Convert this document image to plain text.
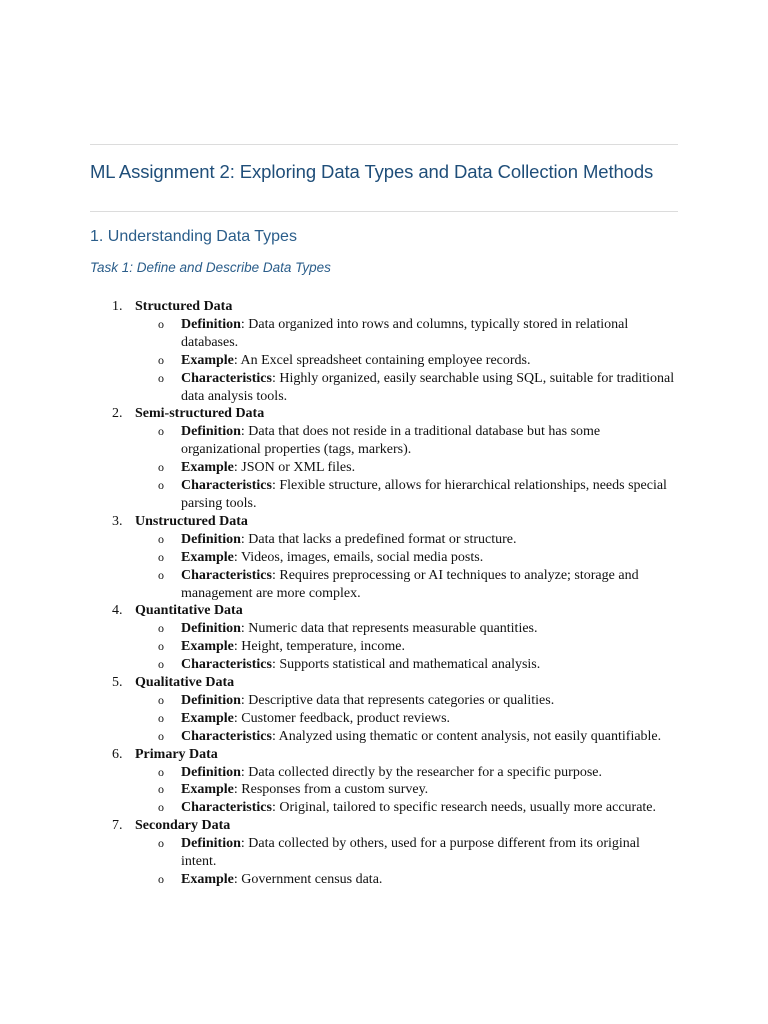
ML Assignment 2: Exploring Data Types and Data Collection Methods
1. Understanding Data Types
Task 1: Define and Describe Data Types
1. Structured Data
o Definition: Data organized into rows and columns, typically stored in relational databases.
o Example: An Excel spreadsheet containing employee records.
o Characteristics: Highly organized, easily searchable using SQL, suitable for traditional data analysis tools.
2. Semi-structured Data
o Definition: Data that does not reside in a traditional database but has some organizational properties (tags, markers).
o Example: JSON or XML files.
o Characteristics: Flexible structure, allows for hierarchical relationships, needs special parsing tools.
3. Unstructured Data
o Definition: Data that lacks a predefined format or structure.
o Example: Videos, images, emails, social media posts.
o Characteristics: Requires preprocessing or AI techniques to analyze; storage and management are more complex.
4. Quantitative Data
o Definition: Numeric data that represents measurable quantities.
o Example: Height, temperature, income.
o Characteristics: Supports statistical and mathematical analysis.
5. Qualitative Data
o Definition: Descriptive data that represents categories or qualities.
o Example: Customer feedback, product reviews.
o Characteristics: Analyzed using thematic or content analysis, not easily quantifiable.
6. Primary Data
o Definition: Data collected directly by the researcher for a specific purpose.
o Example: Responses from a custom survey.
o Characteristics: Original, tailored to specific research needs, usually more accurate.
7. Secondary Data
o Definition: Data collected by others, used for a purpose different from its original intent.
o Example: Government census data.
